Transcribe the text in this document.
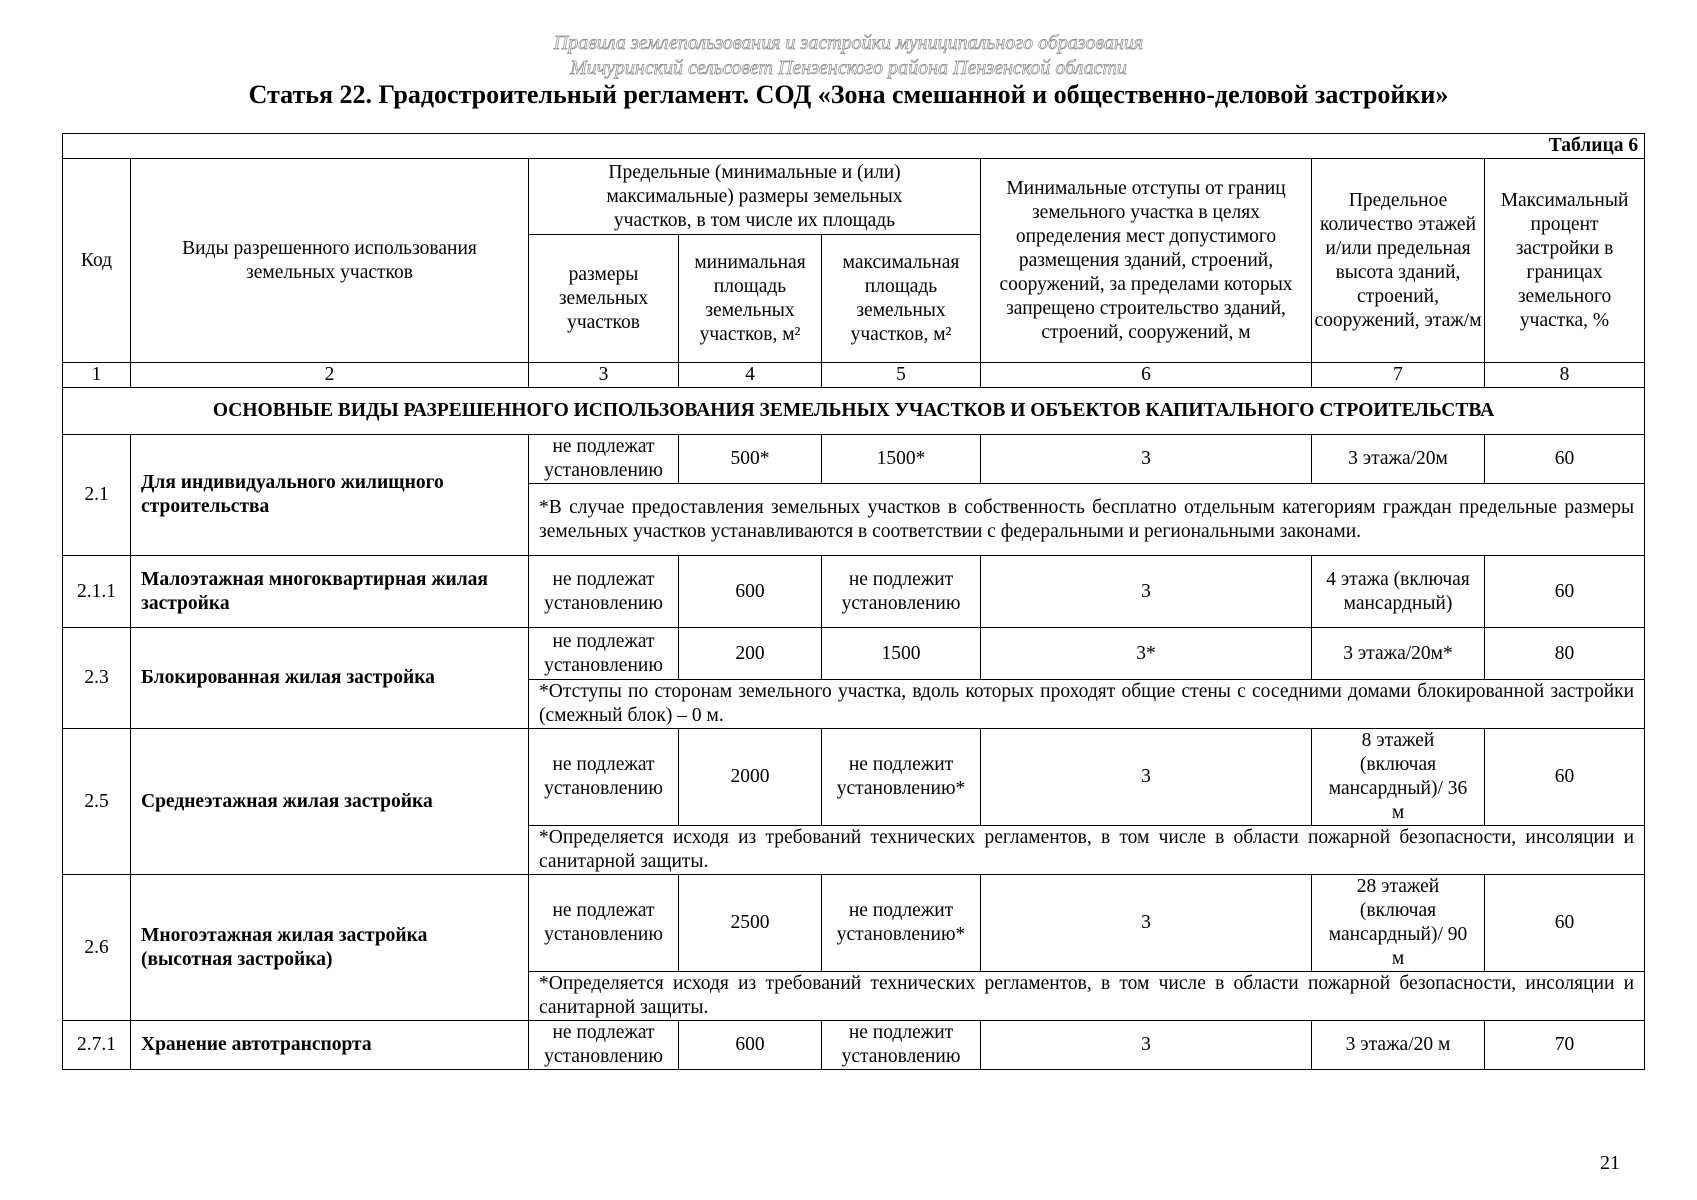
Правила землепользования и застройки муниципального образования
Мичуринский сельсовет Пензенского района Пензенской области
Статья 22. Градостроительный регламент. СОД «Зона смешанной и общественно-деловой застройки»
Таблица 6							
Код	Виды разрешенного использования земельных участков	Предельные (минимальные и (или) максимальные) размеры земельных участков, в том числе их площадь			Минимальные отступы от границ земельного участка в целях определения мест допустимого размещения зданий, строений, сооружений, за пределами которых запрещено строительство зданий, строений, сооружений, м	Предельное количество этажей и/или предельная высота зданий, строений, сооружений, этаж/м	Максимальный процент застройки в границах земельного участка, %
		размеры земельных участков	минимальная площадь земельных участков, м²	максимальная площадь земельных участков, м²			
1	2	3	4	5	6	7	8
ОСНОВНЫЕ ВИДЫ РАЗРЕШЕННОГО ИСПОЛЬЗОВАНИЯ ЗЕМЕЛЬНЫХ УЧАСТКОВ И ОБЪЕКТОВ КАПИТАЛЬНОГО СТРОИТЕЛЬСТВА							
2.1	Для индивидуального жилищного строительства	не подлежат установлению	500*	1500*	3	3 этажа/20м	60
		*В случае предоставления земельных участков в собственность бесплатно отдельным категориям граждан предельные размеры земельных участков устанавливаются в соответствии с федеральными и региональными законами.					
2.1.1	Малоэтажная многоквартирная жилая застройка	не подлежат установлению	600	не подлежит установлению	3	4 этажа (включая мансардный)	60
2.3	Блокированная жилая застройка	не подлежат установлению	200	1500	3*	3 этажа/20м*	80
		*Отступы по сторонам земельного участка, вдоль которых проходят общие стены с соседними домами блокированной застройки (смежный блок) – 0 м.					
2.5	Среднеэтажная жилая застройка	не подлежат установлению	2000	не подлежит установлению*	3	8 этажей (включая мансардный)/ 36 м	60
		*Определяется исходя из требований технических регламентов, в том числе в области пожарной безопасности, инсоляции и санитарной защиты.					
2.6	Многоэтажная жилая застройка (высотная застройка)	не подлежат установлению	2500	не подлежит установлению*	3	28 этажей (включая мансардный)/ 90 м	60
		*Определяется исходя из требований технических регламентов, в том числе в области пожарной безопасности, инсоляции и санитарной защиты.					
2.7.1	Хранение автотранспорта	не подлежат установлению	600	не подлежит установлению	3	3 этажа/20 м	70
21
